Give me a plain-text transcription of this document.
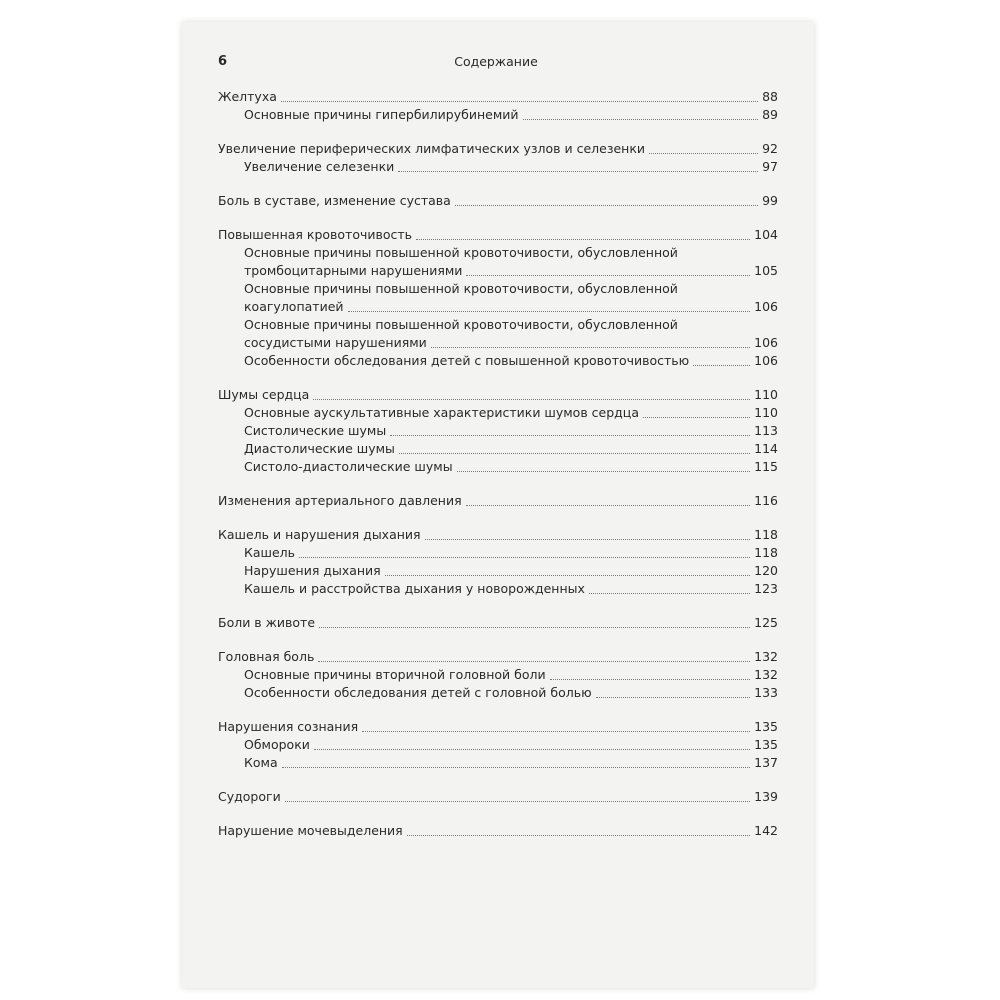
6	Содержание
Желтуха	88
Основные причины гипербилирубинемий	89
Увеличение периферических лимфатических узлов и селезенки	92
Увеличение селезенки	97
Боль в суставе, изменение сустава	99
Повышенная кровоточивость	104
Основные причины повышенной кровоточивости, обусловленной
тромбоцитарными нарушениями	105
Основные причины повышенной кровоточивости, обусловленной
коагулопатией	106
Основные причины повышенной кровоточивости, обусловленной
сосудистыми нарушениями	106
Особенности обследования детей с повышенной кровоточивостью	106
Шумы сердца	110
Основные аускультативные характеристики шумов сердца	110
Систолические шумы	113
Диастолические шумы	114
Систоло-диастолические шумы	115
Изменения артериального давления	116
Кашель и нарушения дыхания	118
Кашель	118
Нарушения дыхания	120
Кашель и расстройства дыхания у новорожденных	123
Боли в животе	125
Головная боль	132
Основные причины вторичной головной боли	132
Особенности обследования детей с головной болью	133
Нарушения сознания	135
Обмороки	135
Кома	137
Судороги	139
Нарушение мочевыделения	142
